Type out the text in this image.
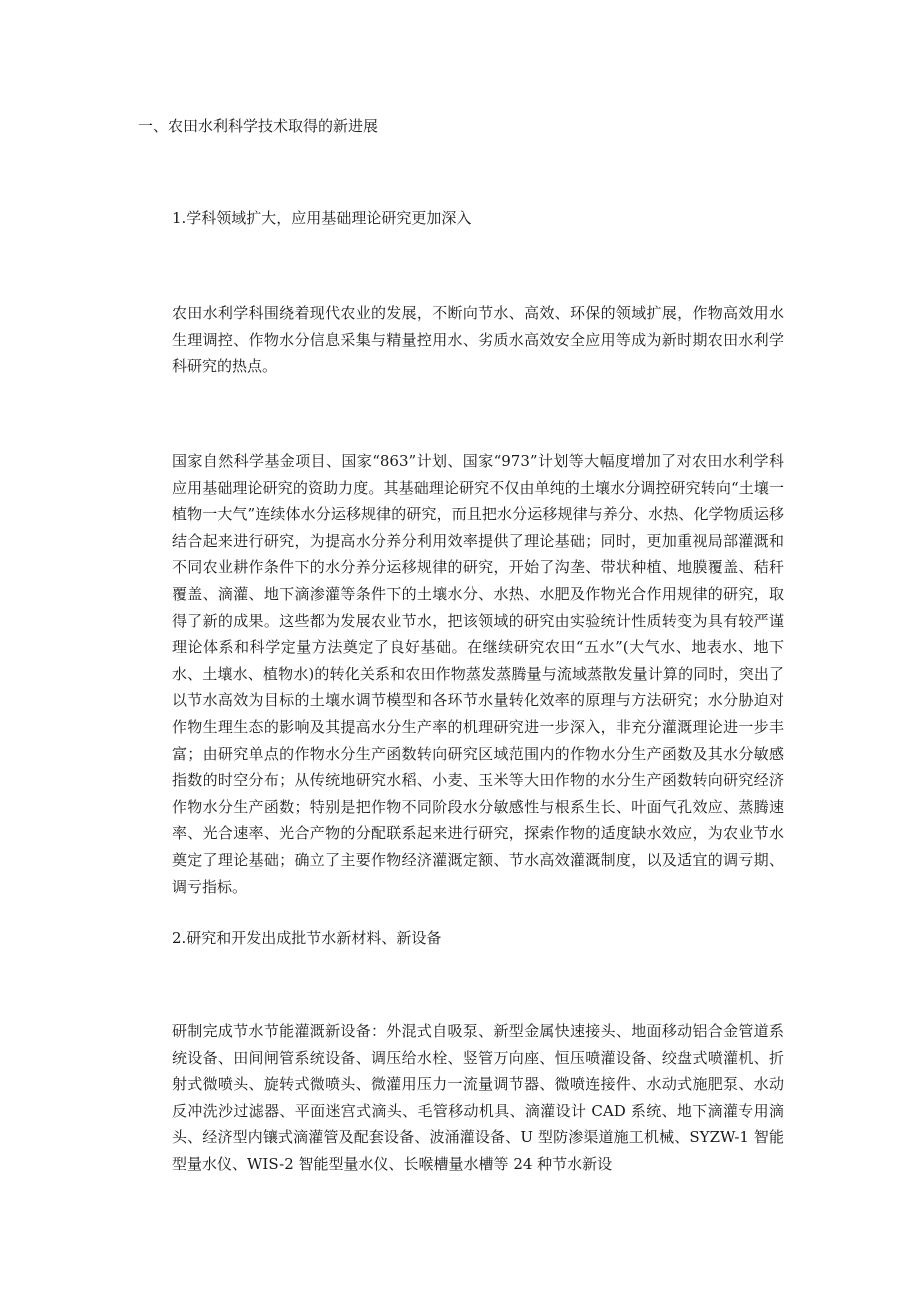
一、农田水利科学技术取得的新进展
1.学科领域扩大，应用基础理论研究更加深入

农田水利学科围绕着现代农业的发展，不断向节水、高效、环保的领域扩展，作物高效用水生理调控、作物水分信息采集与精量控用水、劣质水高效安全应用等成为新时期农田水利学科研究的热点。

国家自然科学基金项目、国家“863”计划、国家“973”计划等大幅度增加了对农田水利学科应用基础理论研究的资助力度。其基础理论研究不仅由单纯的土壤水分调控研究转向“土壤一植物一大气”连续体水分运移规律的研究，而且把水分运移规律与养分、水热、化学物质运移结合起来进行研究，为提高水分养分利用效率提供了理论基础；同时，更加重视局部灌溉和不同农业耕作条件下的水分养分运移规律的研究，开始了沟垄、带状种植、地膜覆盖、秸秆覆盖、滴灌、地下滴渗灌等条件下的土壤水分、水热、水肥及作物光合作用规律的研究，取得了新的成果。这些都为发展农业节水，把该领域的研究由实验统计性质转变为具有较严谨理论体系和科学定量方法奠定了良好基础。在继续研究农田“五水”(大气水、地表水、地下水、土壤水、植物水)的转化关系和农田作物蒸发蒸腾量与流域蒸散发量计算的同时，突出了以节水高效为目标的土壤水调节模型和各环节水量转化效率的原理与方法研究；水分胁迫对作物生理生态的影响及其提高水分生产率的机理研究进一步深入，非充分灌溉理论进一步丰富；由研究单点的作物水分生产函数转向研究区域范围内的作物水分生产函数及其水分敏感指数的时空分布；从传统地研究水稻、小麦、玉米等大田作物的水分生产函数转向研究经济作物水分生产函数；特别是把作物不同阶段水分敏感性与根系生长、叶面气孔效应、蒸腾速率、光合速率、光合产物的分配联系起来进行研究，探索作物的适度缺水效应，为农业节水奠定了理论基础；确立了主要作物经济灌溉定额、节水高效灌溉制度，以及适宜的调亏期、调亏指标。

2.研究和开发出成批节水新材料、新设备

研制完成节水节能灌溉新设备：外混式自吸泵、新型金属快速接头、地面移动铝合金管道系统设备、田间闸管系统设备、调压给水栓、竖管万向座、恒压喷灌设备、绞盘式喷灌机、折射式微喷头、旋转式微喷头、微灌用压力一流量调节器、微喷连接件、水动式施肥泵、水动反冲洗沙过滤器、平面迷宫式滴头、毛管移动机具、滴灌设计 CAD 系统、地下滴灌专用滴头、经济型内镶式滴灌管及配套设备、波涌灌设备、U 型防渗渠道施工机械、SYZW-1 智能型量水仪、WIS-2 智能型量水仪、长喉槽量水槽等 24 种节水新设
